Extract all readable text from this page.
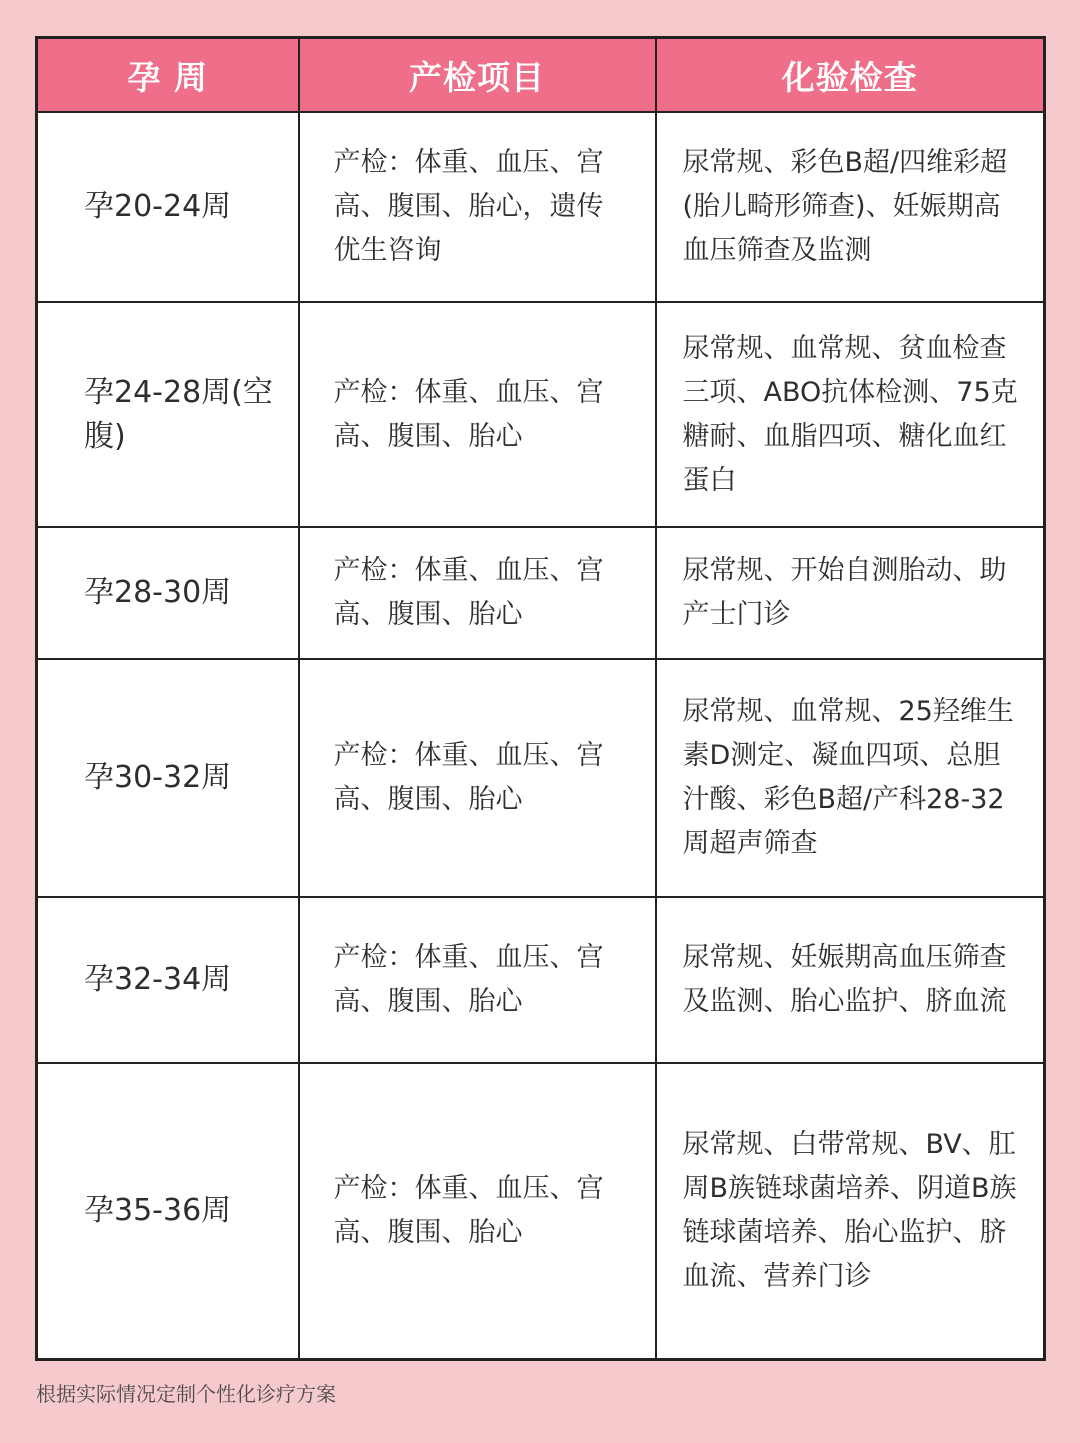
孕 周	产检项目	化验检查

孕20-24周	产检：体重、血压、宫高、腹围、胎心，遗传优生咨询	尿常规、彩色B超/四维彩超(胎儿畸形筛查)、妊娠期高血压筛查及监测

孕24-28周(空腹)	产检：体重、血压、宫高、腹围、胎心	尿常规、血常规、贫血检查三项、ABO抗体检测、75克糖耐、血脂四项、糖化血红蛋白

孕28-30周	产检：体重、血压、宫高、腹围、胎心	尿常规、开始自测胎动、助产士门诊

孕30-32周	产检：体重、血压、宫高、腹围、胎心	尿常规、血常规、25羟维生素D测定、凝血四项、总胆汁酸、彩色B超/产科28-32周超声筛查

孕32-34周	产检：体重、血压、宫高、腹围、胎心	尿常规、妊娠期高血压筛查及监测、胎心监护、脐血流

孕35-36周	产检：体重、血压、宫高、腹围、胎心	尿常规、白带常规、BV、肛周B族链球菌培养、阴道B族链球菌培养、胎心监护、脐血流、营养门诊
根据实际情况定制个性化诊疗方案
